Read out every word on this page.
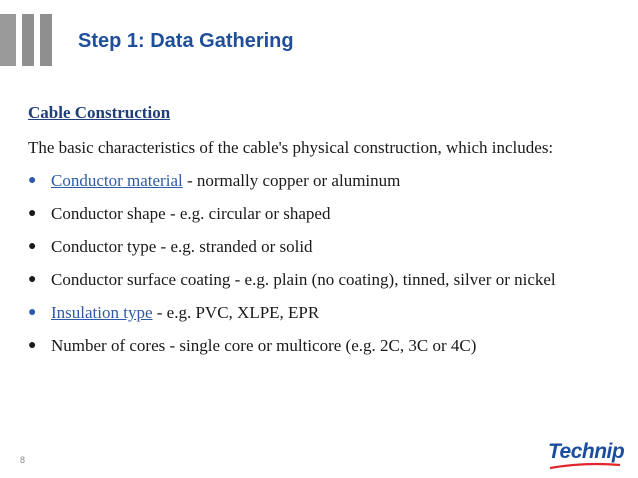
Step 1: Data Gathering
Cable Construction
The basic characteristics of the cable's physical construction, which includes:
● Conductor material - normally copper or aluminum
● Conductor shape - e.g. circular or shaped
● Conductor type - e.g. stranded or solid
● Conductor surface coating - e.g. plain (no coating), tinned, silver or nickel
● Insulation type - e.g. PVC, XLPE, EPR
● Number of cores - single core or multicore (e.g. 2C, 3C or 4C)
8	Technip
